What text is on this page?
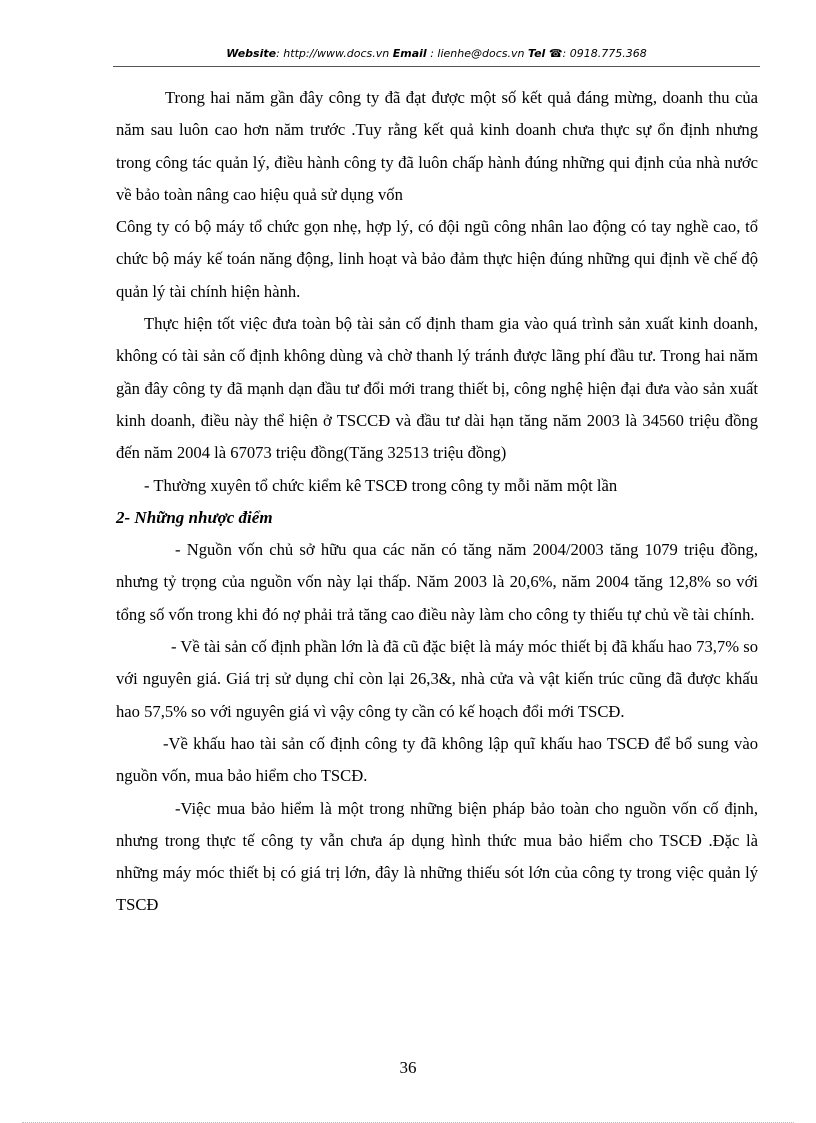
Website: http://www.docs.vn Email : lienhe@docs.vn Tel ☎: 0918.775.368

Trong hai năm gần đây công ty đã đạt được một số kết quả đáng mừng, doanh thu của năm sau luôn cao hơn năm trước .Tuy rằng kết quả kinh doanh chưa thực sự ổn định nhưng trong công tác quản lý, điều hành công ty đã luôn chấp hành đúng những qui định của nhà nước về bảo toàn nâng cao hiệu quả sử dụng vốn

Công ty có bộ máy tổ chức gọn nhẹ, hợp lý, có đội ngũ công nhân lao động có tay nghề cao, tổ chức bộ máy kế toán năng động, linh hoạt và bảo đảm thực hiện đúng những qui định về chế độ quản lý tài chính hiện hành.

Thực hiện tốt việc đưa toàn bộ tài sản cố định tham gia vào quá trình sản xuất kinh doanh, không có tài sản cố định không dùng và chờ thanh lý tránh được lãng phí đầu tư. Trong hai năm gần đây công ty đã mạnh dạn đầu tư đổi mới trang thiết bị, công nghệ hiện đại đưa vào sản xuất kinh doanh, điều này thể hiện ở TSCCĐ và đầu tư dài hạn tăng năm 2003 là 34560 triệu đồng đến năm 2004 là 67073 triệu đồng(Tăng 32513 triệu đồng)

- Thường xuyên tổ chức kiểm kê TSCĐ trong công ty mỗi năm một lần

2- Những nhược điểm

- Nguồn vốn chủ sở hữu qua các năn có tăng năm 2004/2003 tăng 1079 triệu đồng, nhưng tỷ trọng của nguồn vốn này lại thấp. Năm 2003 là 20,6%, năm 2004 tăng 12,8% so với tổng số vốn trong khi đó nợ phải trả tăng cao điều này làm cho công ty thiếu tự chủ về tài chính.

- Về tài sản cố định phần lớn là đã cũ đặc biệt là máy móc thiết bị đã khấu hao 73,7% so với nguyên giá. Giá trị sử dụng chỉ còn lại 26,3&, nhà cửa và vật kiến trúc cũng đã được khấu hao 57,5% so với nguyên giá vì vậy công ty cần có kế hoạch đổi mới TSCĐ.

-Về khấu hao tài sản cố định công ty đã không lập quĩ khấu hao TSCĐ để bổ sung vào nguồn vốn, mua bảo hiểm cho TSCĐ.

-Việc mua bảo hiểm là một trong những biện pháp bảo toàn cho nguồn vốn cố định, nhưng trong thực tế công ty vẫn chưa áp dụng hình thức mua bảo hiểm cho TSCĐ .Đặc là những máy móc thiết bị có giá trị lớn, đây là những thiếu sót lớn của công ty trong việc quản lý TSCĐ

36
